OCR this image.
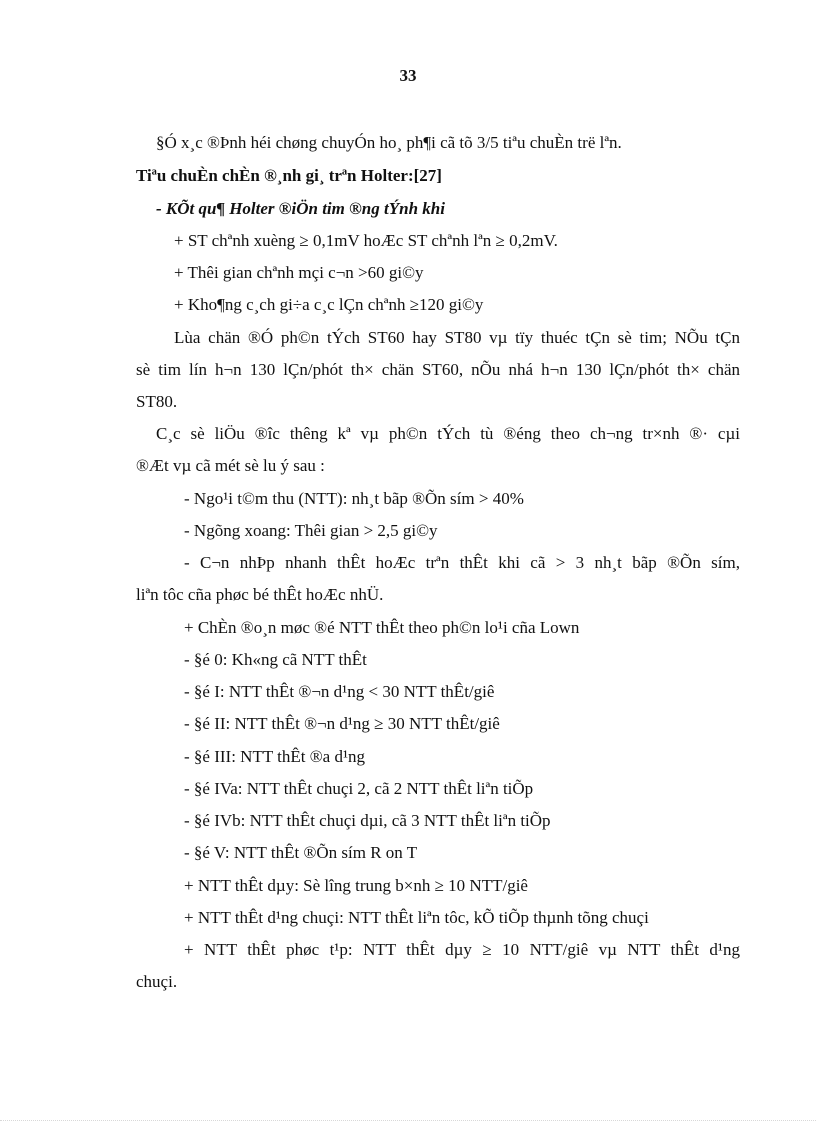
33
§Ó x¸c ®Þnh héi chøng chuyÓn ho¸ ph¶i cã tõ 3/5 tiªu chuÈn trë lªn.
Tiªu chuÈn chÈn ®¸nh gi¸ trªn Holter:[27]
- KÕt qu¶ Holter ®iÖn tim ®ng tÝnh khi
+ ST chªnh xuèng ≥ 0,1mV hoÆc ST chªnh lªn ≥ 0,2mV.
+ Thêi gian chªnh mçi c¬n >60 gi©y
+ Kho¶ng c¸ch gi÷a c¸c lÇn chªnh ≥120 gi©y
Lùa chän ®Ó ph©n tÝch ST60 hay ST80 vµ tïy thuéc tÇn sè tim; NÕu tÇn
sè tim lín h¬n 130 lÇn/phót th× chän ST60, nÕu nhá h¬n 130 lÇn/phót th× chän
ST80.
C¸c sè liÖu ®îc thêng kª vµ ph©n tÝch tù ®éng theo ch¬ng tr×nh ®· cµi
®Æt vµ cã mét sè lu ý sau :
- Ngo¹i t©m thu (NTT): nh¸t bãp ®Õn sím > 40%
- Ngõng xoang: Thêi gian > 2,5 gi©y
- C¬n nhÞp nhanh thÊt hoÆc trªn thÊt khi cã > 3 nh¸t bãp ®Õn sím,
liªn tôc cña phøc bé thÊt hoÆc nhÜ.
+ ChÈn ®o¸n møc ®é NTT thÊt theo ph©n lo¹i cña Lown
- §é 0: Kh«ng cã NTT thÊt
- §é I: NTT thÊt ®¬n d¹ng < 30 NTT thÊt/giê
- §é II: NTT thÊt ®¬n d¹ng ≥ 30 NTT thÊt/giê
- §é III: NTT thÊt ®a d¹ng
- §é IVa: NTT thÊt chuçi 2, cã 2 NTT thÊt liªn tiÕp
- §é IVb: NTT thÊt chuçi dµi, cã 3 NTT thÊt liªn tiÕp
- §é V: NTT thÊt ®Õn sím R on T
+ NTT thÊt dµy: Sè lîng trung b×nh ≥ 10 NTT/giê
+ NTT thÊt d¹ng chuçi: NTT thÊt liªn tôc, kÕ tiÕp thµnh tõng chuçi
+ NTT thÊt phøc t¹p: NTT thÊt dµy ≥ 10 NTT/giê vµ NTT thÊt d¹ng
chuçi.
